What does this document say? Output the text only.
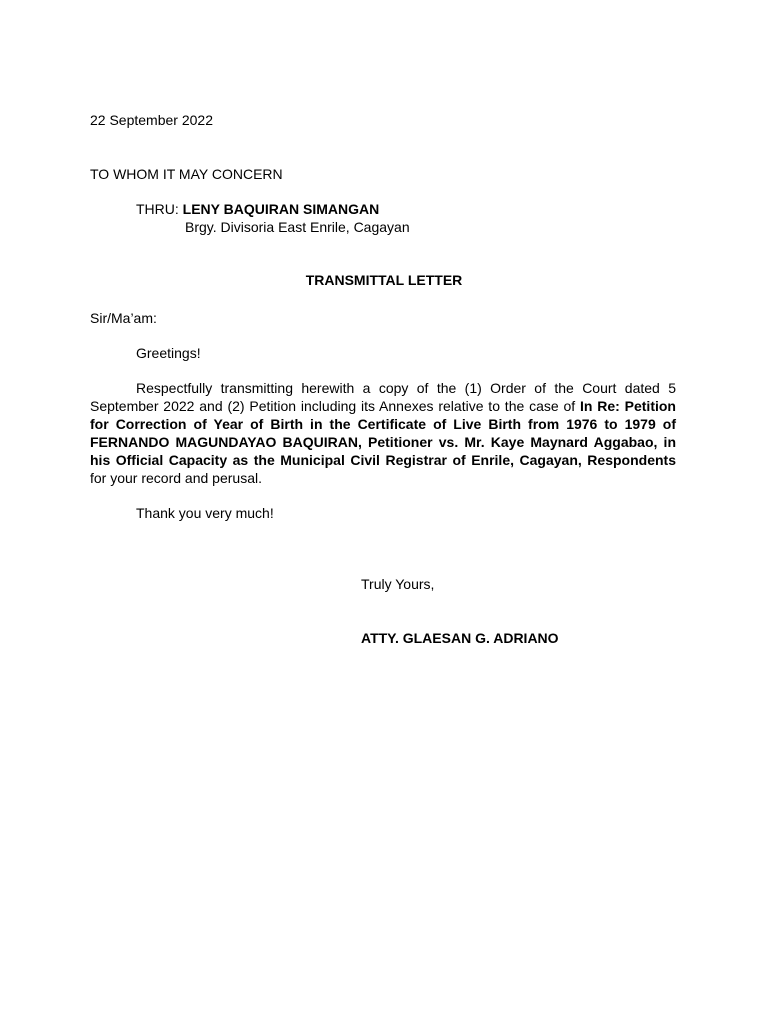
22 September 2022
TO WHOM IT MAY CONCERN
THRU: LENY BAQUIRAN SIMANGAN
Brgy. Divisoria East Enrile, Cagayan
TRANSMITTAL LETTER
Sir/Ma’am:
Greetings!
Respectfully transmitting herewith a copy of the (1) Order of the Court dated 5 September 2022 and (2) Petition including its Annexes relative to the case of In Re: Petition for Correction of Year of Birth in the Certificate of Live Birth from 1976 to 1979 of FERNANDO MAGUNDAYAO BAQUIRAN, Petitioner vs. Mr. Kaye Maynard Aggabao, in his Official Capacity as the Municipal Civil Registrar of Enrile, Cagayan, Respondents for your record and perusal.
Thank you very much!
Truly Yours,
ATTY. GLAESAN G. ADRIANO
